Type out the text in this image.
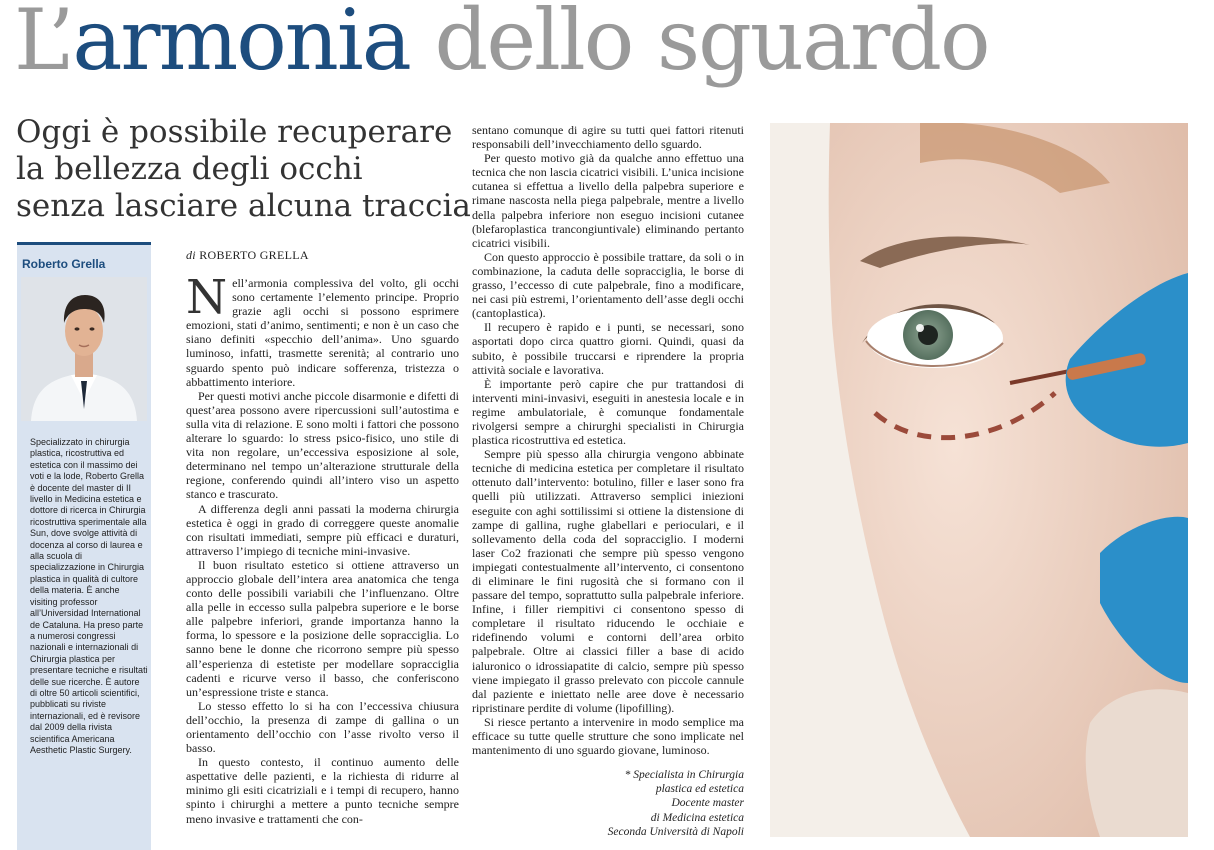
L’armonia dello sguardo
Oggi è possibile recuperare
la bellezza degli occhi
senza lasciare alcuna traccia
Roberto Grella
Specializzato in chirurgia plastica, ricostruttiva ed estetica con il massimo dei voti e la lode, Roberto Grella è docente del master di II livello in Medicina estetica e dottore di ricerca in Chirurgia ricostruttiva sperimentale alla Sun, dove svolge attività di docenza al corso di laurea e alla scuola di specializzazione in Chirurgia plastica in qualità di cultore della materia. È anche visiting professor all’Universidad International de Cataluna. Ha preso parte a numerosi congressi nazionali e internazionali di Chirurgia plastica per presentare tecniche e risultati delle sue ricerche. È autore di oltre 50 articoli scientifici, pubblicati su riviste internazionali, ed è revisore dal 2009 della rivista scientifica Americana Aesthetic Plastic Surgery.
di ROBERTO GRELLA

Nell’armonia complessiva del volto, gli occhi sono certamente l’elemento principe. Proprio grazie agli occhi si possono esprimere emozioni, stati d’animo, sentimenti; e non è un caso che siano definiti «specchio dell’anima». Uno sguardo luminoso, infatti, trasmette serenità; al contrario uno sguardo spento può indicare sofferenza, tristezza o abbattimento interiore.

Per questi motivi anche piccole disarmonie e difetti di quest’area possono avere ripercussioni sull’autostima e sulla vita di relazione. E sono molti i fattori che possono alterare lo sguardo: lo stress psico-fisico, uno stile di vita non regolare, un’eccessiva esposizione al sole, determinano nel tempo un’alterazione strutturale della regione, conferendo quindi all’intero viso un aspetto stanco e trascurato.

A differenza degli anni passati la moderna chirurgia estetica è oggi in grado di correggere queste anomalie con risultati immediati, sempre più efficaci e duraturi, attraverso l’impiego di tecniche mini-invasive.

Il buon risultato estetico si ottiene attraverso un approccio globale dell’intera area anatomica che tenga conto delle possibili variabili che l’influenzano. Oltre alla pelle in eccesso sulla palpebra superiore e le borse alle palpebre inferiori, grande importanza hanno la forma, lo spessore e la posizione delle sopracciglia. Lo sanno bene le donne che ricorrono sempre più spesso all’esperienza di estetiste per modellare sopracciglia cadenti e ricurve verso il basso, che conferiscono un’espressione triste e stanca.

Lo stesso effetto lo si ha con l’eccessiva chiusura dell’occhio, la presenza di zampe di gallina o un orientamento dell’occhio con l’asse rivolto verso il basso.

In questo contesto, il continuo aumento delle aspettative delle pazienti, e la richiesta di ridurre al minimo gli esiti cicatriziali e i tempi di recupero, hanno spinto i chirurghi a mettere a punto tecniche sempre meno invasive e trattamenti che con-

sentano comunque di agire su tutti quei fattori ritenuti responsabili dell’invecchiamento dello sguardo.

Per questo motivo già da qualche anno effettuo una tecnica che non lascia cicatrici visibili. L’unica incisione cutanea si effettua a livello della palpebra superiore e rimane nascosta nella piega palpebrale, mentre a livello della palpebra inferiore non eseguo incisioni cutanee (blefaroplastica trancongiuntivale) eliminando pertanto cicatrici visibili.

Con questo approccio è possibile trattare, da soli o in combinazione, la caduta delle sopracciglia, le borse di grasso, l’eccesso di cute palpebrale, fino a modificare, nei casi più estremi, l’orientamento dell’asse degli occhi (cantoplastica).

Il recupero è rapido e i punti, se necessari, sono asportati dopo circa quattro giorni. Quindi, quasi da subito, è possibile truccarsi e riprendere la propria attività sociale e lavorativa.

È importante però capire che pur trattandosi di interventi mini-invasivi, eseguiti in anestesia locale e in regime ambulatoriale, è comunque fondamentale rivolgersi sempre a chirurghi specialisti in Chirurgia plastica ricostruttiva ed estetica.

Sempre più spesso alla chirurgia vengono abbinate tecniche di medicina estetica per completare il risultato ottenuto dall’intervento: botulino, filler e laser sono fra quelli più utilizzati. Attraverso semplici iniezioni eseguite con aghi sottilissimi si ottiene la distensione di zampe di gallina, rughe glabellari e perioculari, e il sollevamento della coda del sopracciglio. I moderni laser Co2 frazionati che sempre più spesso vengono impiegati contestualmente all’intervento, ci consentono di eliminare le fini rugosità che si formano con il passare del tempo, soprattutto sulla palpebrale inferiore. Infine, i filler riempitivi ci consentono spesso di completare il risultato riducendo le occhiaie e ridefinendo volumi e contorni dell’area orbito palpebrale. Oltre ai classici filler a base di acido ialuronico o idrossiapatite di calcio, sempre più spesso viene impiegato il grasso prelevato con piccole cannule dal paziente e iniettato nelle aree dove è necessario ripristinare perdite di volume (lipofilling).

Si riesce pertanto a intervenire in modo semplice ma efficace su tutte quelle strutture che sono implicate nel mantenimento di uno sguardo giovane, luminoso.

* Specialista in Chirurgia
plastica ed estetica
Docente master
di Medicina estetica
Seconda Università di Napoli
